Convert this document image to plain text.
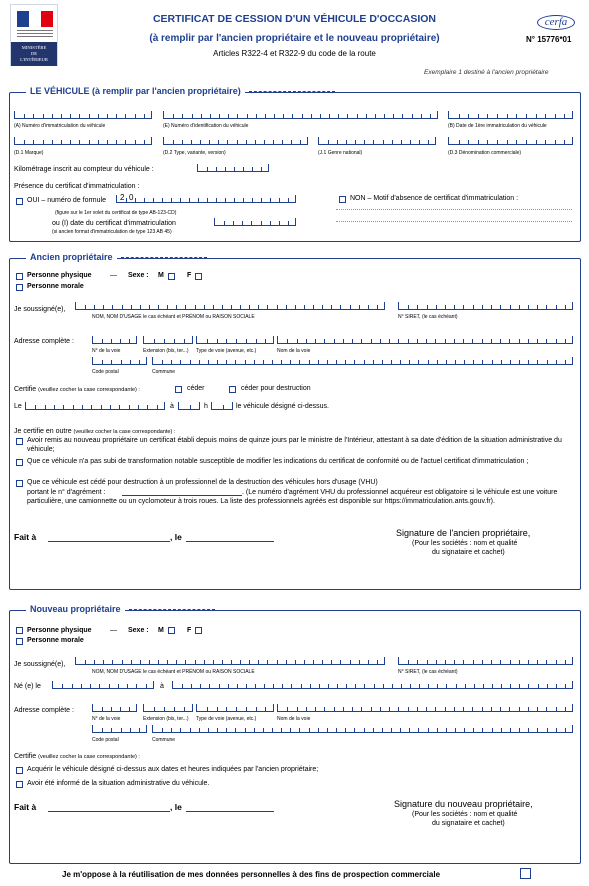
MINISTÈRE
DE
L'INTÉRIEUR
CERTIFICAT DE CESSION D'UN VÉHICULE D'OCCASION
(à remplir par l'ancien propriétaire et le nouveau propriétaire)
Articles R322-4 et R322-9 du code de la route
cerfa
N° 15776*01
Exemplaire 1 destiné à l'ancien propriétaire
LE VÉHICULE (à remplir par l'ancien propriétaire)
(A) Numéro d'immatriculation du véhicule	(E) Numéro d'identification du véhicule	(B) Date de 1ère immatriculation du véhicule
(D.1 Marque)	(D.2 Type, variante, version)	(J.1 Genre national)	(D.3 Dénomination commerciale)
Kilométrage inscrit au compteur du véhicule :
Présence du certificat d'immatriculation :
OUI – numéro de formule 2 0
(figure sur le 1er volet du certificat de type AB-123-CD)
ou (I) date du certificat d'immatriculation
(si ancien format d'immatriculation de type 123 AB 45)
NON – Motif d'absence de certificat d'immatriculation :
Ancien propriétaire
Personne physique	— Sexe : M	F
Personne morale
Je soussigné(e),
NOM, NOM D'USAGE le cas échéant et PRÉNOM ou RAISON SOCIALE	N° SIRET, (le cas échéant)
Adresse complète :
N° de la voie	Extension (bis, ter...) Type de voie (avenue, etc.)	Nom de la voie
Code postal	Commune
Certifie (veuillez cocher la case correspondante) :	céder	céder pour destruction
Le	à	h	le véhicule désigné ci-dessus.
Je certifie en outre (veuillez cocher la case correspondante) :
Avoir remis au nouveau propriétaire un certificat établi depuis moins de quinze jours par le ministre de l'Intérieur, attestant à sa date d'édition de la situation administrative du véhicule;
Que ce véhicule n'a pas subi de transformation notable susceptible de modifier les indications du certificat de conformité ou de l'actuel certificat d'immatriculation ;
Que ce véhicule est cédé pour destruction à un professionnel de la destruction des véhicules hors d'usage (VHU)
portant le n° d'agrément :	. (Le numéro d'agrément VHU du professionnel acquéreur est obligatoire si le véhicule est une voiture particulière, une camionnette ou un cyclomoteur à trois roues. La liste des professionnels agréés est disponible sur https://immatriculation.ants.gouv.fr).
Fait à	, le	Signature de l'ancien propriétaire,
(Pour les sociétés : nom et qualité
du signataire et cachet)
Nouveau propriétaire
Personne physique	— Sexe : M	F
Personne morale
Je soussigné(e),
NOM, NOM D'USAGE le cas échéant et PRÉNOM ou RAISON SOCIALE	N° SIRET, (le cas échéant)
Né (e) le	à
Adresse complète :
N° de la voie	Extension (bis, ter...) Type de voie (avenue, etc.)	Nom de la voie
Code postal	Commune
Certifie (veuillez cocher la case correspondante) :
Acquérir le véhicule désigné ci-dessus aux dates et heures indiquées par l'ancien propriétaire;
Avoir été informé de la situation administrative du véhicule.
Fait à	, le	Signature du nouveau propriétaire,
(Pour les sociétés : nom et qualité
du signataire et cachet)
Je m'oppose à la réutilisation de mes données personnelles à des fins de prospection commerciale
